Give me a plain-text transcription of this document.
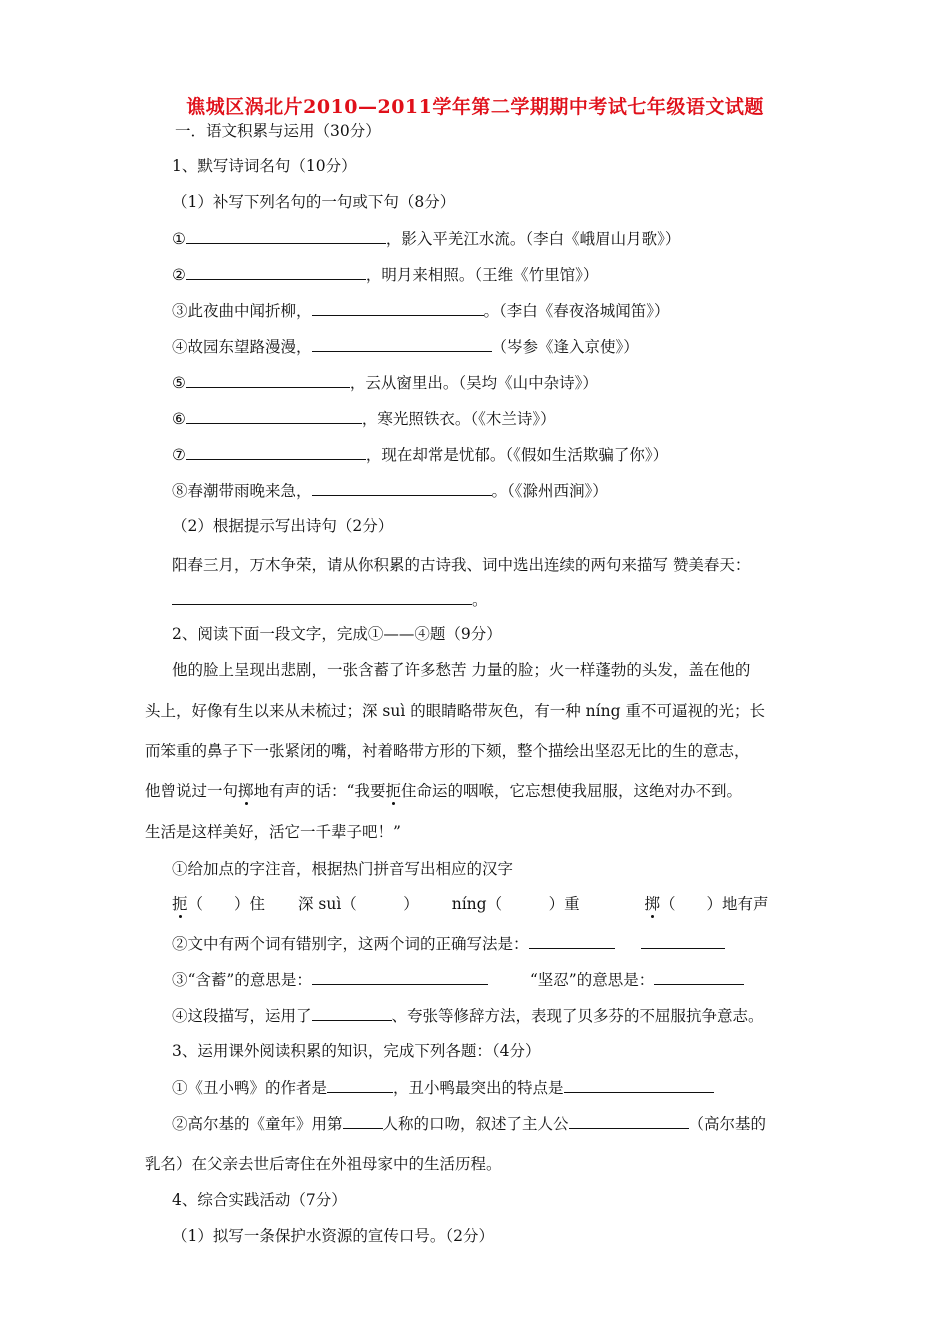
谯城区涡北片2010—2011学年第二学期期中考试七年级语文试题
一．语文积累与运用（30分）
1、默写诗词名句（10分）
（1）补写下列名句的一句或下句（8分）
①	，影入平羌江水流。（李白《峨眉山月歌》）
②	，明月来相照。（王维《竹里馆》）
③此夜曲中闻折柳，	。（李白《春夜洛城闻笛》）
④故园东望路漫漫，	（岑参《逢入京使》）
⑤	，云从窗里出。（吴均《山中杂诗》）
⑥	，寒光照铁衣。（《木兰诗》）
⑦	，现在却常是忧郁。（《假如生活欺骗了你》）
⑧春潮带雨晚来急，	。（《滁州西涧》）
（2）根据提示写出诗句（2分）
阳春三月，万木争荣，请从你积累的古诗我、词中选出连续的两句来描写 赞美春天：
。
2、阅读下面一段文字，完成①——④题（9分）
他的脸上呈现出悲剧，一张含蓄了许多愁苦 力量的脸；火一样蓬勃的头发，盖在他的
头上，好像有生以来从未梳过；深 suì 的眼睛略带灰色，有一种 níng 重不可逼视的光；长
而笨重的鼻子下一张紧闭的嘴，衬着略带方形的下颏，整个描绘出坚忍无比的生的意志，
他曾说过一句掷地有声的话：“我要扼住命运的咽喉，它忘想使我屈服，这绝对办不到。
生活是这样美好，活它一千辈子吧！”
①给加点的字注音，根据热门拼音写出相应的汉字
扼（　　）住 深 suì（　　　） níng（　　　）重	掷（　　）地有声
②文中有两个词有错别字，这两个词的正确写法是：
③“含蓄”的意思是：	“坚忍”的意思是：
④这段描写，运用了	、夸张等修辞方法，表现了贝多芬的不屈服抗争意志。
3、运用课外阅读积累的知识，完成下列各题：（4分）
①《丑小鸭》的作者是	，丑小鸭最突出的特点是
②高尔基的《童年》用第	人称的口吻，叙述了主人公	（高尔基的
乳名）在父亲去世后寄住在外祖母家中的生活历程。
4、综合实践活动（7分）
（1）拟写一条保护水资源的宣传口号。（2分）
